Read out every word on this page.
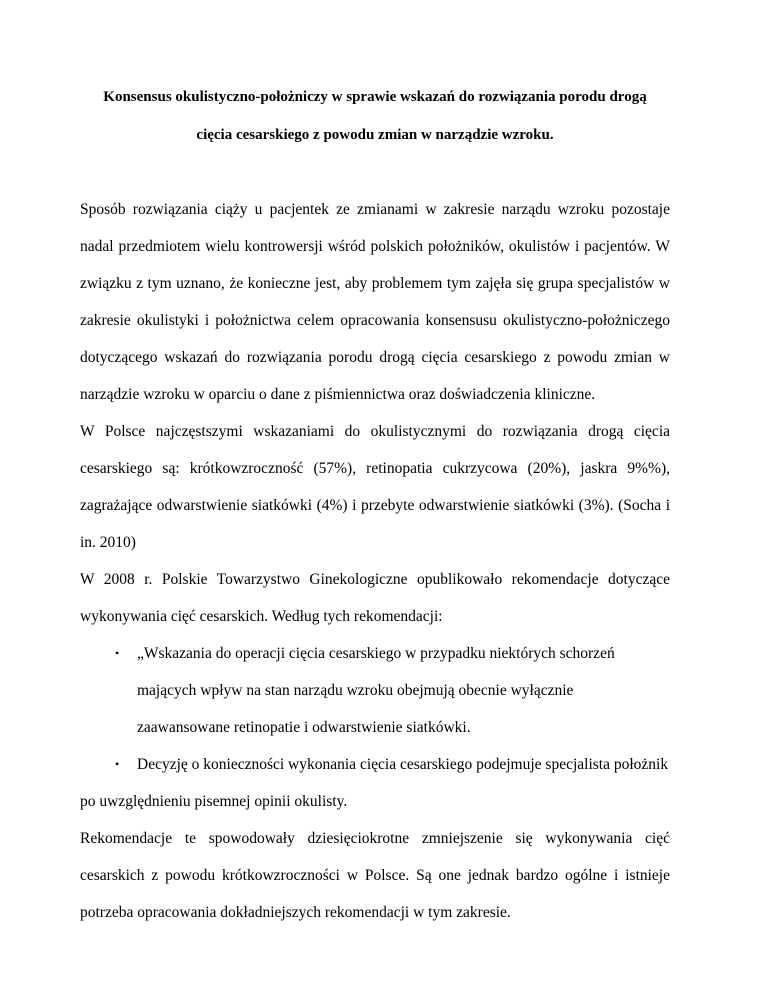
Konsensus okulistyczno-położniczy w sprawie wskazań do rozwiązania porodu drogą
cięcia cesarskiego z powodu zmian w narządzie wzroku.

Sposób rozwiązania ciąży u pacjentek ze zmianami w zakresie narządu wzroku pozostaje nadal przedmiotem wielu kontrowersji wśród polskich położników, okulistów i pacjentów. W związku z tym uznano, że konieczne jest, aby problemem tym zajęła się grupa specjalistów w zakresie okulistyki i położnictwa celem opracowania konsensusu okulistyczno-położniczego dotyczącego wskazań do rozwiązania porodu drogą cięcia cesarskiego z powodu zmian w narządzie wzroku w oparciu o dane z piśmiennictwa oraz doświadczenia kliniczne.

W Polsce najczęstszymi wskazaniami do okulistycznymi do rozwiązania drogą cięcia cesarskiego są: krótkowzroczność (57%), retinopatia cukrzycowa (20%), jaskra 9%%), zagrażające odwarstwienie siatkówki (4%) i przebyte odwarstwienie siatkówki (3%). (Socha i in. 2010)

W 2008 r. Polskie Towarzystwo Ginekologiczne opublikowało rekomendacje dotyczące wykonywania cięć cesarskich. Według tych rekomendacji:

• „Wskazania do operacji cięcia cesarskiego w przypadku niektórych schorzeń mających wpływ na stan narządu wzroku obejmują obecnie wyłącznie zaawansowane retinopatie i odwarstwienie siatkówki.
• Decyzję o konieczności wykonania cięcia cesarskiego podejmuje specjalista położnik

po uwzględnieniu pisemnej opinii okulisty.

Rekomendacje te spowodowały dziesięciokrotne zmniejszenie się wykonywania cięć cesarskich z powodu krótkowzroczności w Polsce. Są one jednak bardzo ogólne i istnieje potrzeba opracowania dokładniejszych rekomendacji w tym zakresie.
